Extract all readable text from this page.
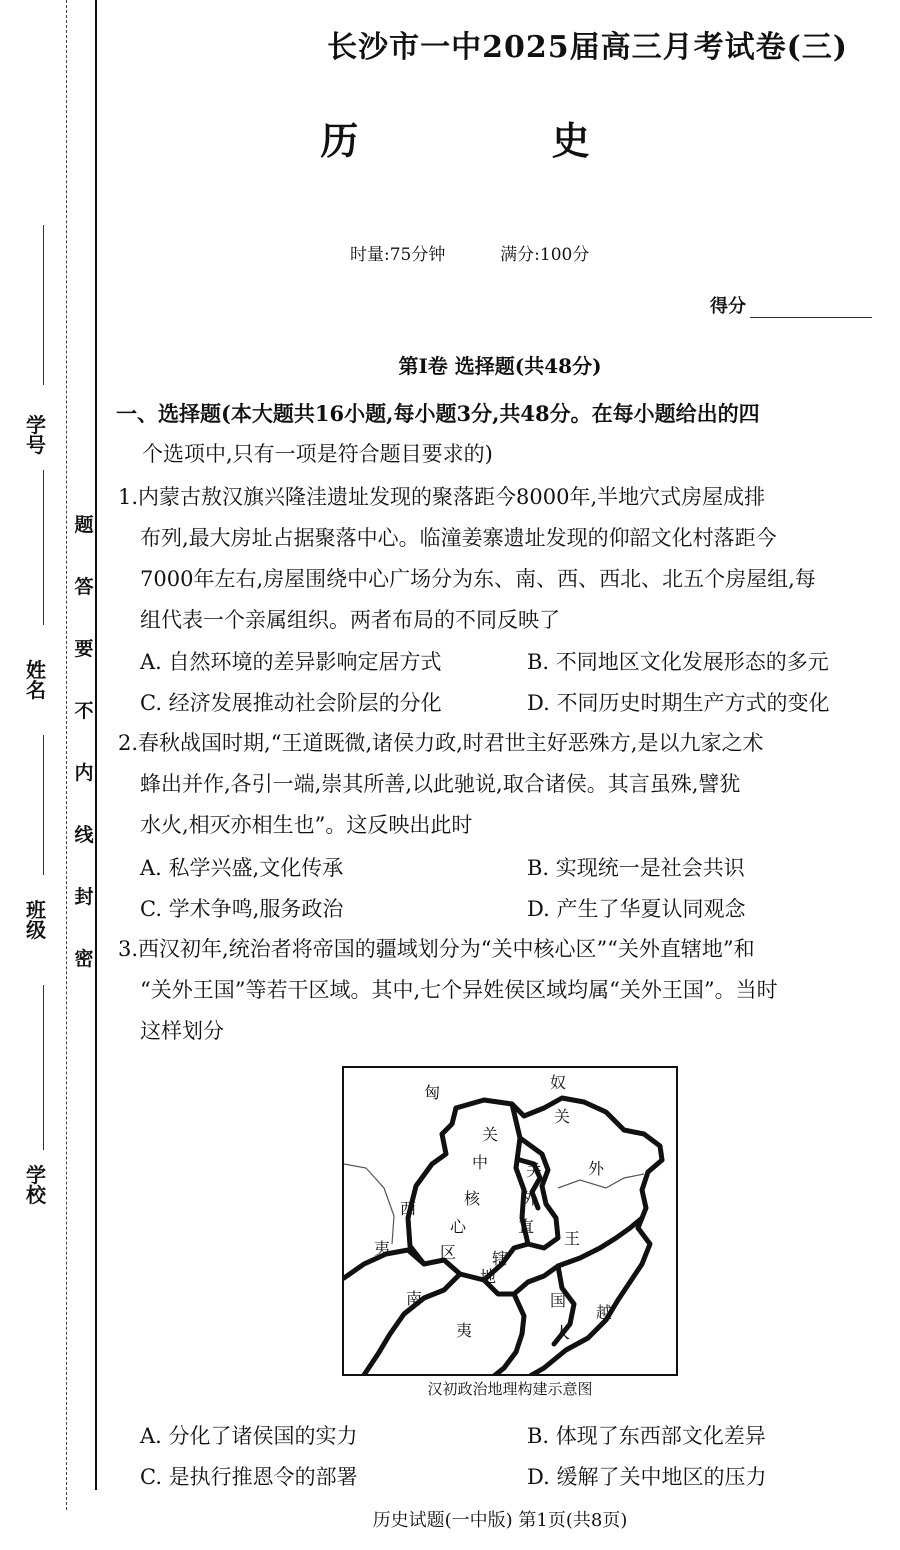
学号
姓名
班级
学校
题
答
要
不
内
线
封
密
长沙市一中2025届高三月考试卷(三)
历 史
时量:75分钟	满分:100分
得分
第Ⅰ卷 选择题(共48分)
一、选择题(本大题共16小题,每小题3分,共48分。在每小题给出的四
个选项中,只有一项是符合题目要求的)
1.内蒙古敖汉旗兴隆洼遗址发现的聚落距今8000年,半地穴式房屋成排
布列,最大房址占据聚落中心。临潼姜寨遗址发现的仰韶文化村落距今
7000年左右,房屋围绕中心广场分为东、南、西、西北、北五个房屋组,每
组代表一个亲属组织。两者布局的不同反映了
A. 自然环境的差异影响定居方式	B. 不同地区文化发展形态的多元
C. 经济发展推动社会阶层的分化	D. 不同历史时期生产方式的变化
2.春秋战国时期,“王道既微,诸侯力政,时君世主好恶殊方,是以九家之术
蜂出并作,各引一端,崇其所善,以此驰说,取合诸侯。其言虽殊,譬犹
水火,相灭亦相生也”。这反映出此时
A. 私学兴盛,文化传承	B. 实现统一是社会共识
C. 学术争鸣,服务政治	D. 产生了华夏认同观念
3.西汉初年,统治者将帝国的疆域划分为“关中核心区”“关外直辖地”和
“关外王国”等若干区域。其中,七个异姓侯区域均属“关外王国”。当时
这样划分
匈
奴
关
外
王
国
越
人
关
中
核
心
区
关
外
直
辖
地
西
夷
南
夷
汉初政治地理构建示意图
A. 分化了诸侯国的实力	B. 体现了东西部文化差异
C. 是执行推恩令的部署	D. 缓解了关中地区的压力
历史试题(一中版) 第1页(共8页)
